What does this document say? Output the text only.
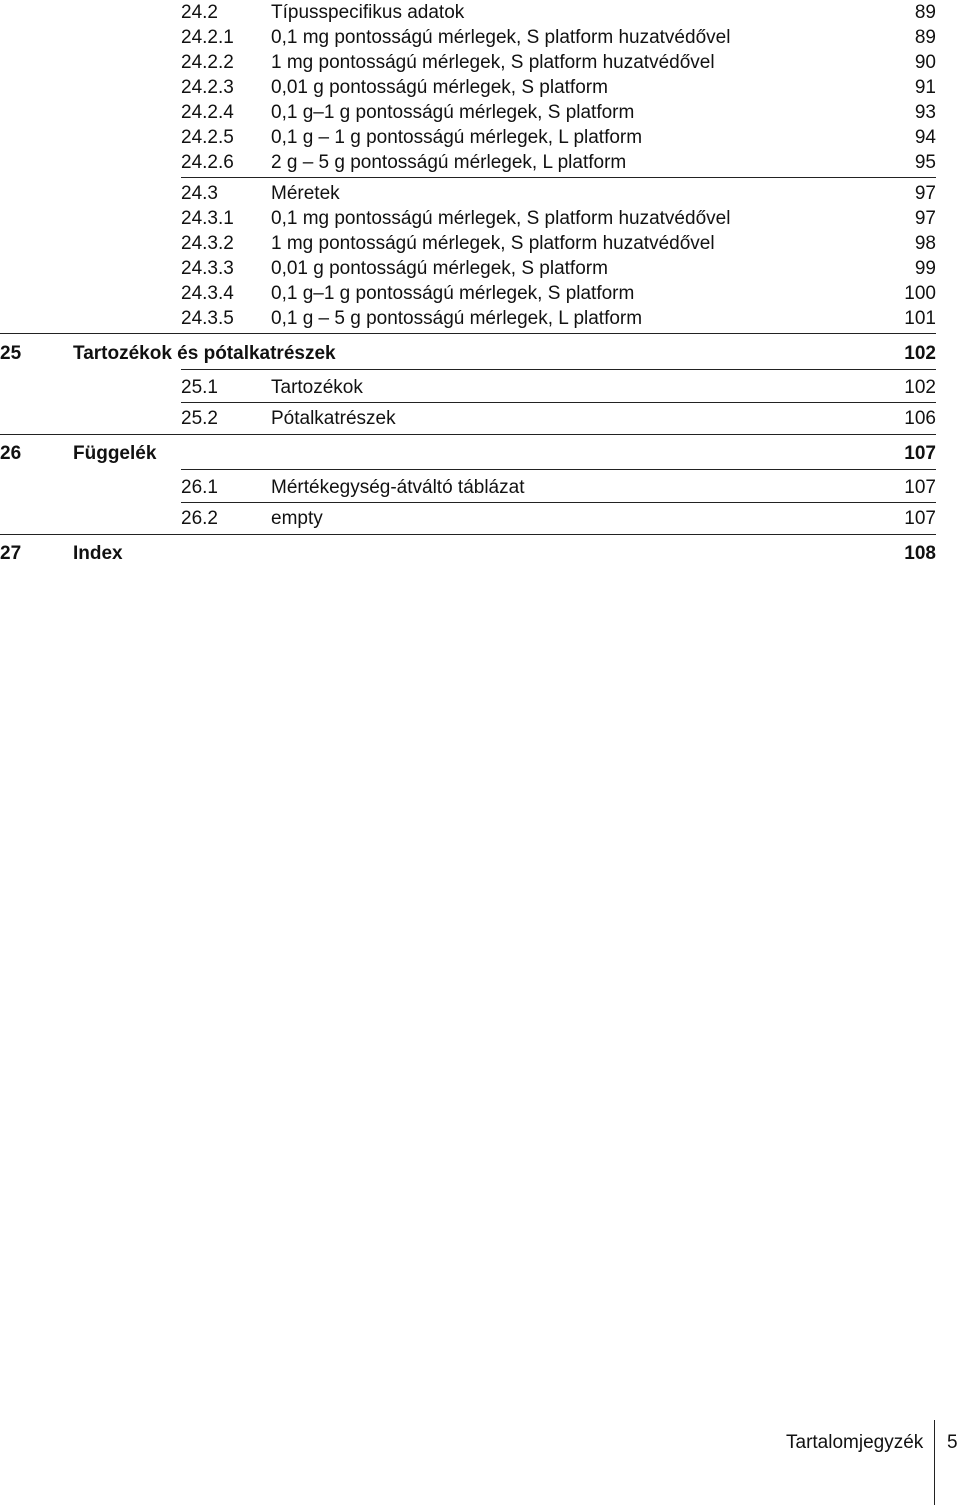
24.2	Típusspecifikus adatok	89
24.2.1 0,1 mg pontosságú mérlegek, S platform huzatvédővel	89
24.2.2 1 mg pontosságú mérlegek, S platform huzatvédővel	90
24.2.3 0,01 g pontosságú mérlegek, S platform	91
24.2.4 0,1 g–1 g pontosságú mérlegek, S platform	93
24.2.5 0,1 g – 1 g pontosságú mérlegek, L platform	94
24.2.6 2 g – 5 g pontosságú mérlegek, L platform	95
24.3	Méretek	97
24.3.1 0,1 mg pontosságú mérlegek, S platform huzatvédővel	97
24.3.2 1 mg pontosságú mérlegek, S platform huzatvédővel	98
24.3.3 0,01 g pontosságú mérlegek, S platform	99
24.3.4 0,1 g–1 g pontosságú mérlegek, S platform	100
24.3.5 0,1 g – 5 g pontosságú mérlegek, L platform	101
25	Tartozékok és pótalkatrészek	102
25.1	Tartozékok	102
25.2	Pótalkatrészek	106
26	Függelék	107
26.1	Mértékegység-átváltó táblázat	107
26.2	empty	107
27	Index	108
Tartalomjegyzék 5
